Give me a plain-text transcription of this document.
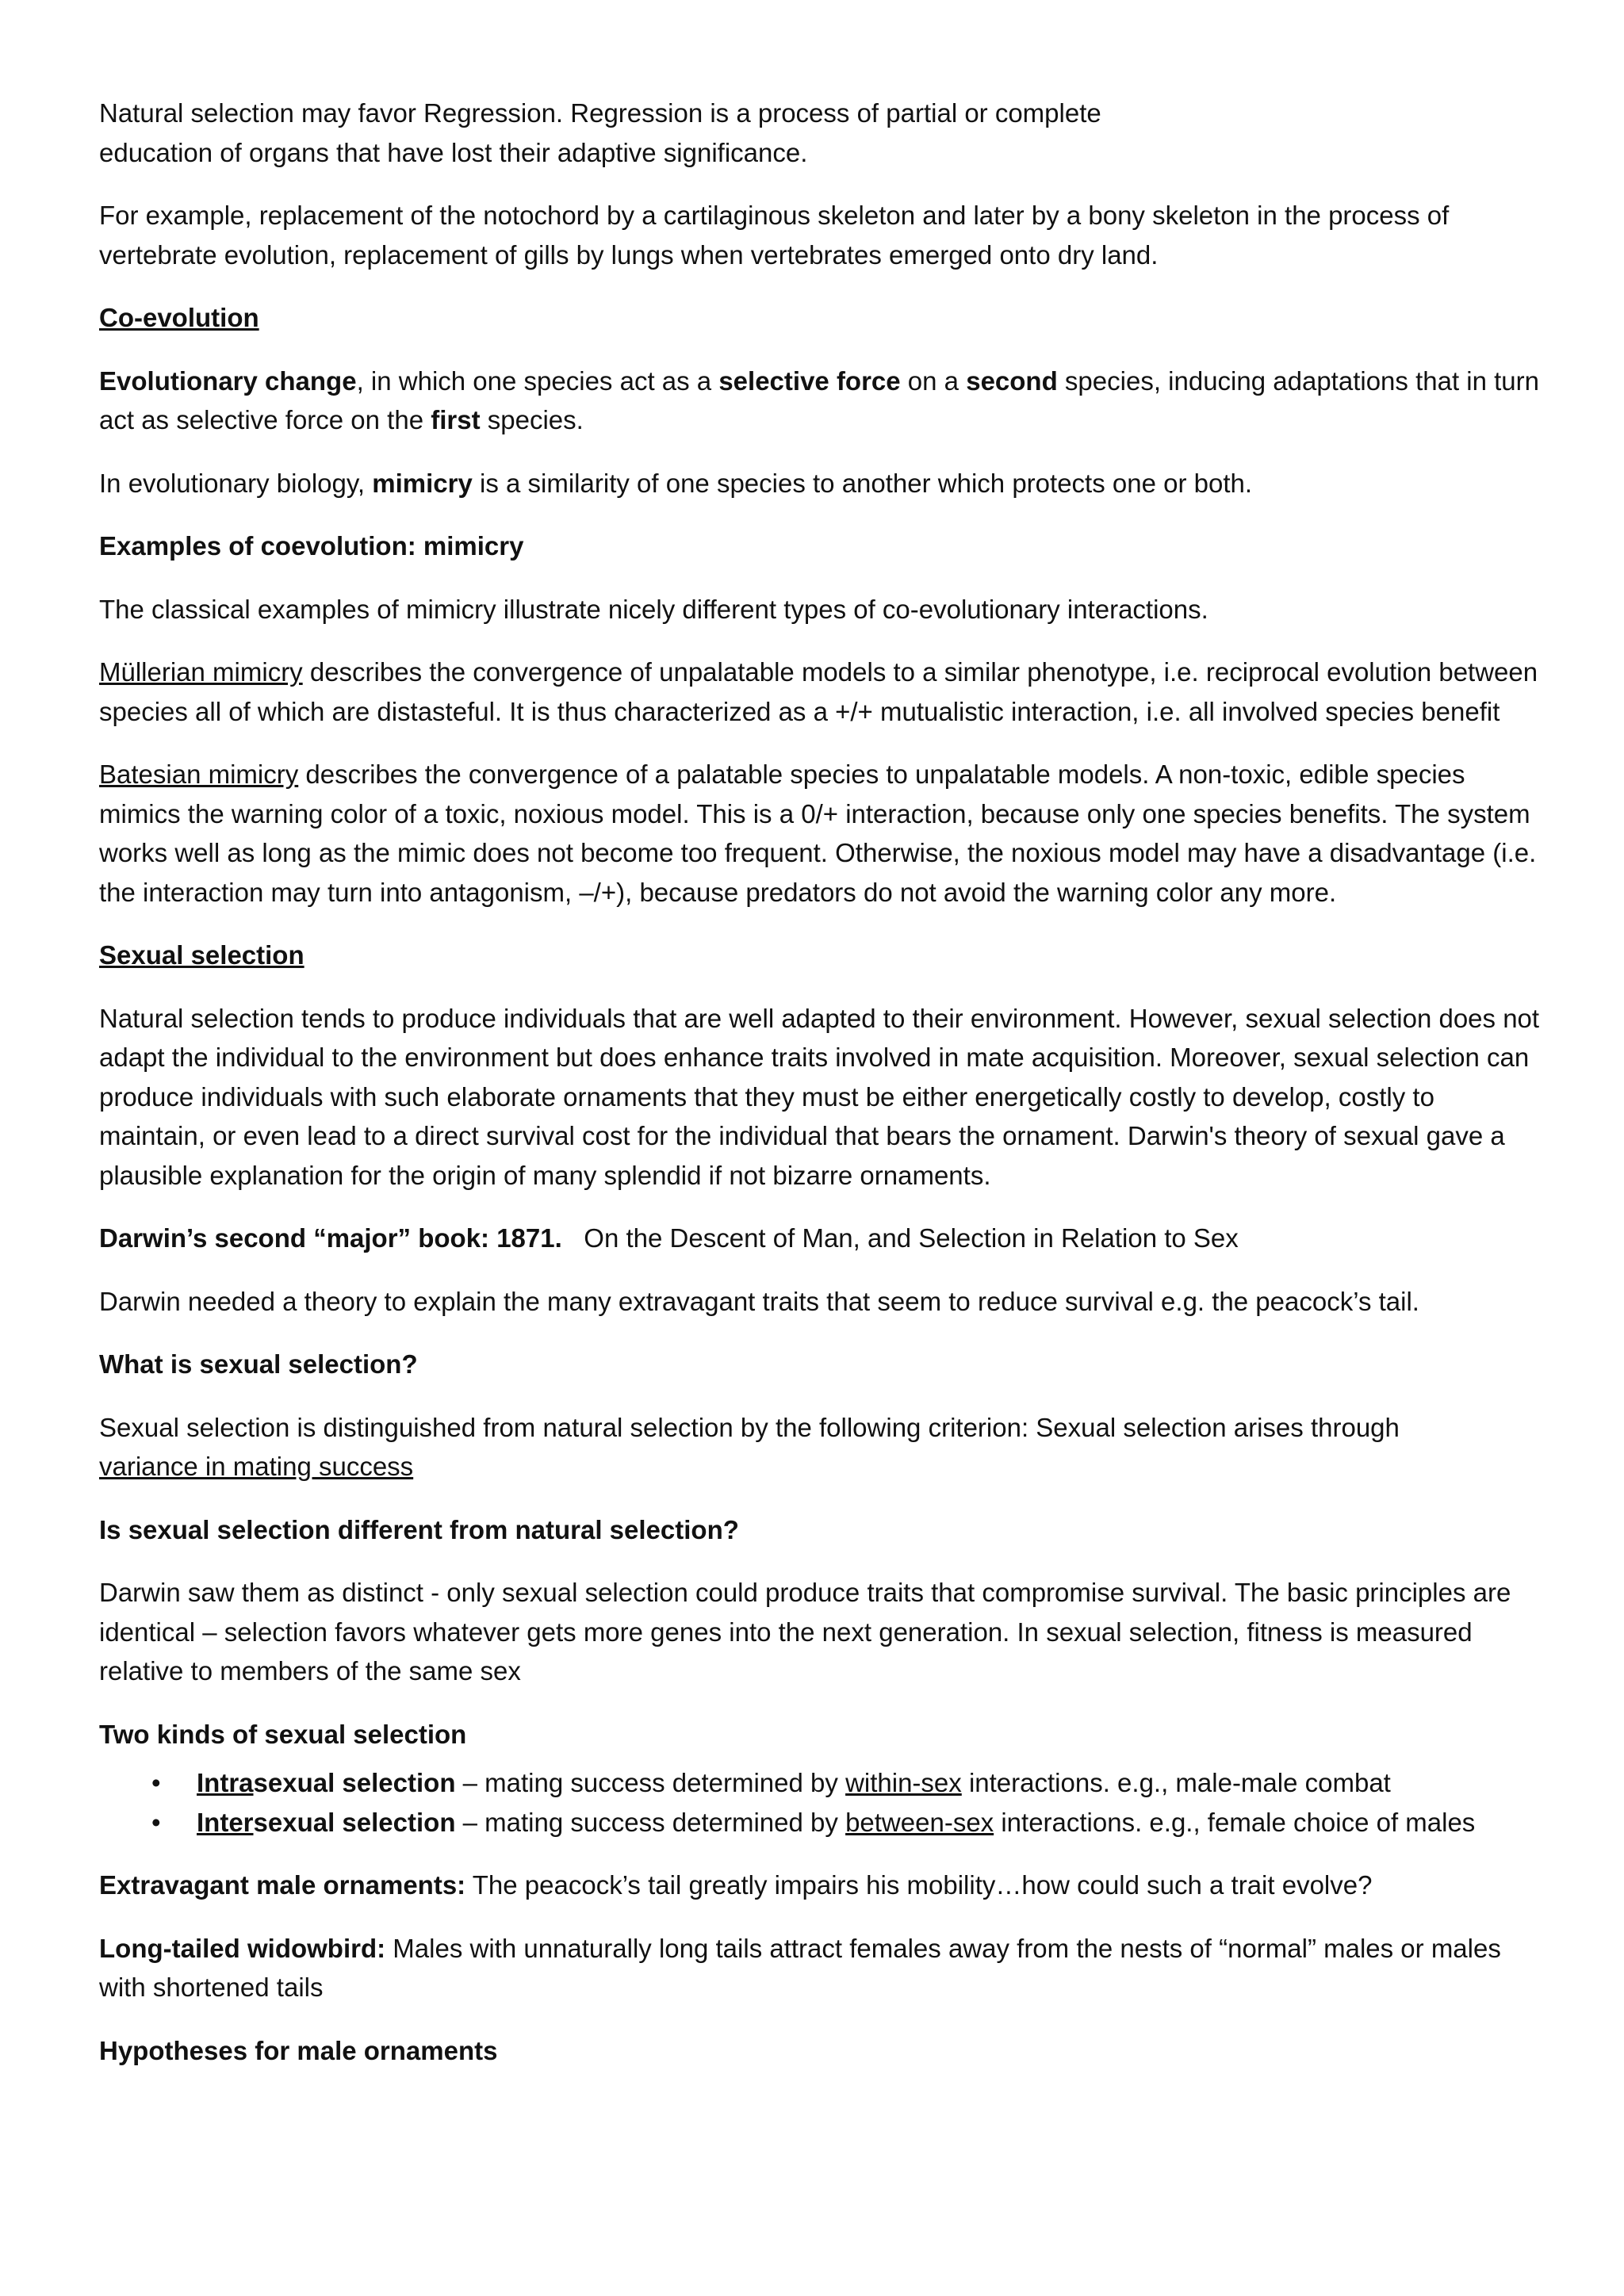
Natural selection may favor Regression. Regression is a process of partial or complete
education of organs that have lost their adaptive significance.

For example, replacement of the notochord by a cartilaginous skeleton and later by a bony skeleton in the process of vertebrate evolution, replacement of gills by lungs when vertebrates emerged onto dry land.

Co-evolution

Evolutionary change, in which one species act as a selective force on a second species, inducing adaptations that in turn act as selective force on the first species.

In evolutionary biology, mimicry is a similarity of one species to another which protects one or both.

Examples of coevolution: mimicry

The classical examples of mimicry illustrate nicely different types of co-evolutionary interactions.

Müllerian mimicry describes the convergence of unpalatable models to a similar phenotype, i.e. reciprocal evolution between species all of which are distasteful. It is thus characterized as a +/+ mutualistic interaction, i.e. all involved species benefit

Batesian mimicry describes the convergence of a palatable species to unpalatable models. A non-toxic, edible species mimics the warning color of a toxic, noxious model. This is a 0/+ interaction, because only one species benefits. The system works well as long as the mimic does not become too frequent. Otherwise, the noxious model may have a disadvantage (i.e. the interaction may turn into antagonism, –/+), because predators do not avoid the warning color any more.

Sexual selection

Natural selection tends to produce individuals that are well adapted to their environment. However, sexual selection does not adapt the individual to the environment but does enhance traits involved in mate acquisition. Moreover, sexual selection can produce individuals with such elaborate ornaments that they must be either energetically costly to develop, costly to maintain, or even lead to a direct survival cost for the individual that bears the ornament. Darwin's theory of sexual gave a plausible explanation for the origin of many splendid if not bizarre ornaments.

Darwin’s second “major” book: 1871.   On the Descent of Man, and Selection in Relation to Sex

Darwin needed a theory to explain the many extravagant traits that seem to reduce survival e.g. the peacock’s tail.

What is sexual selection?

Sexual selection is distinguished from natural selection by the following criterion: Sexual selection arises through
variance in mating success

Is sexual selection different from natural selection?

Darwin saw them as distinct - only sexual selection could produce traits that compromise survival. The basic principles are identical – selection favors whatever gets more genes into the next generation. In sexual selection, fitness is measured relative to members of the same sex

Two kinds of sexual selection

• Intrasexual selection – mating success determined by within-sex interactions. e.g., male-male combat
• Intersexual selection – mating success determined by between-sex interactions. e.g., female choice of males

Extravagant male ornaments: The peacock’s tail greatly impairs his mobility…how could such a trait evolve?

Long-tailed widowbird: Males with unnaturally long tails attract females away from the nests of “normal” males or males with shortened tails

Hypotheses for male ornaments
